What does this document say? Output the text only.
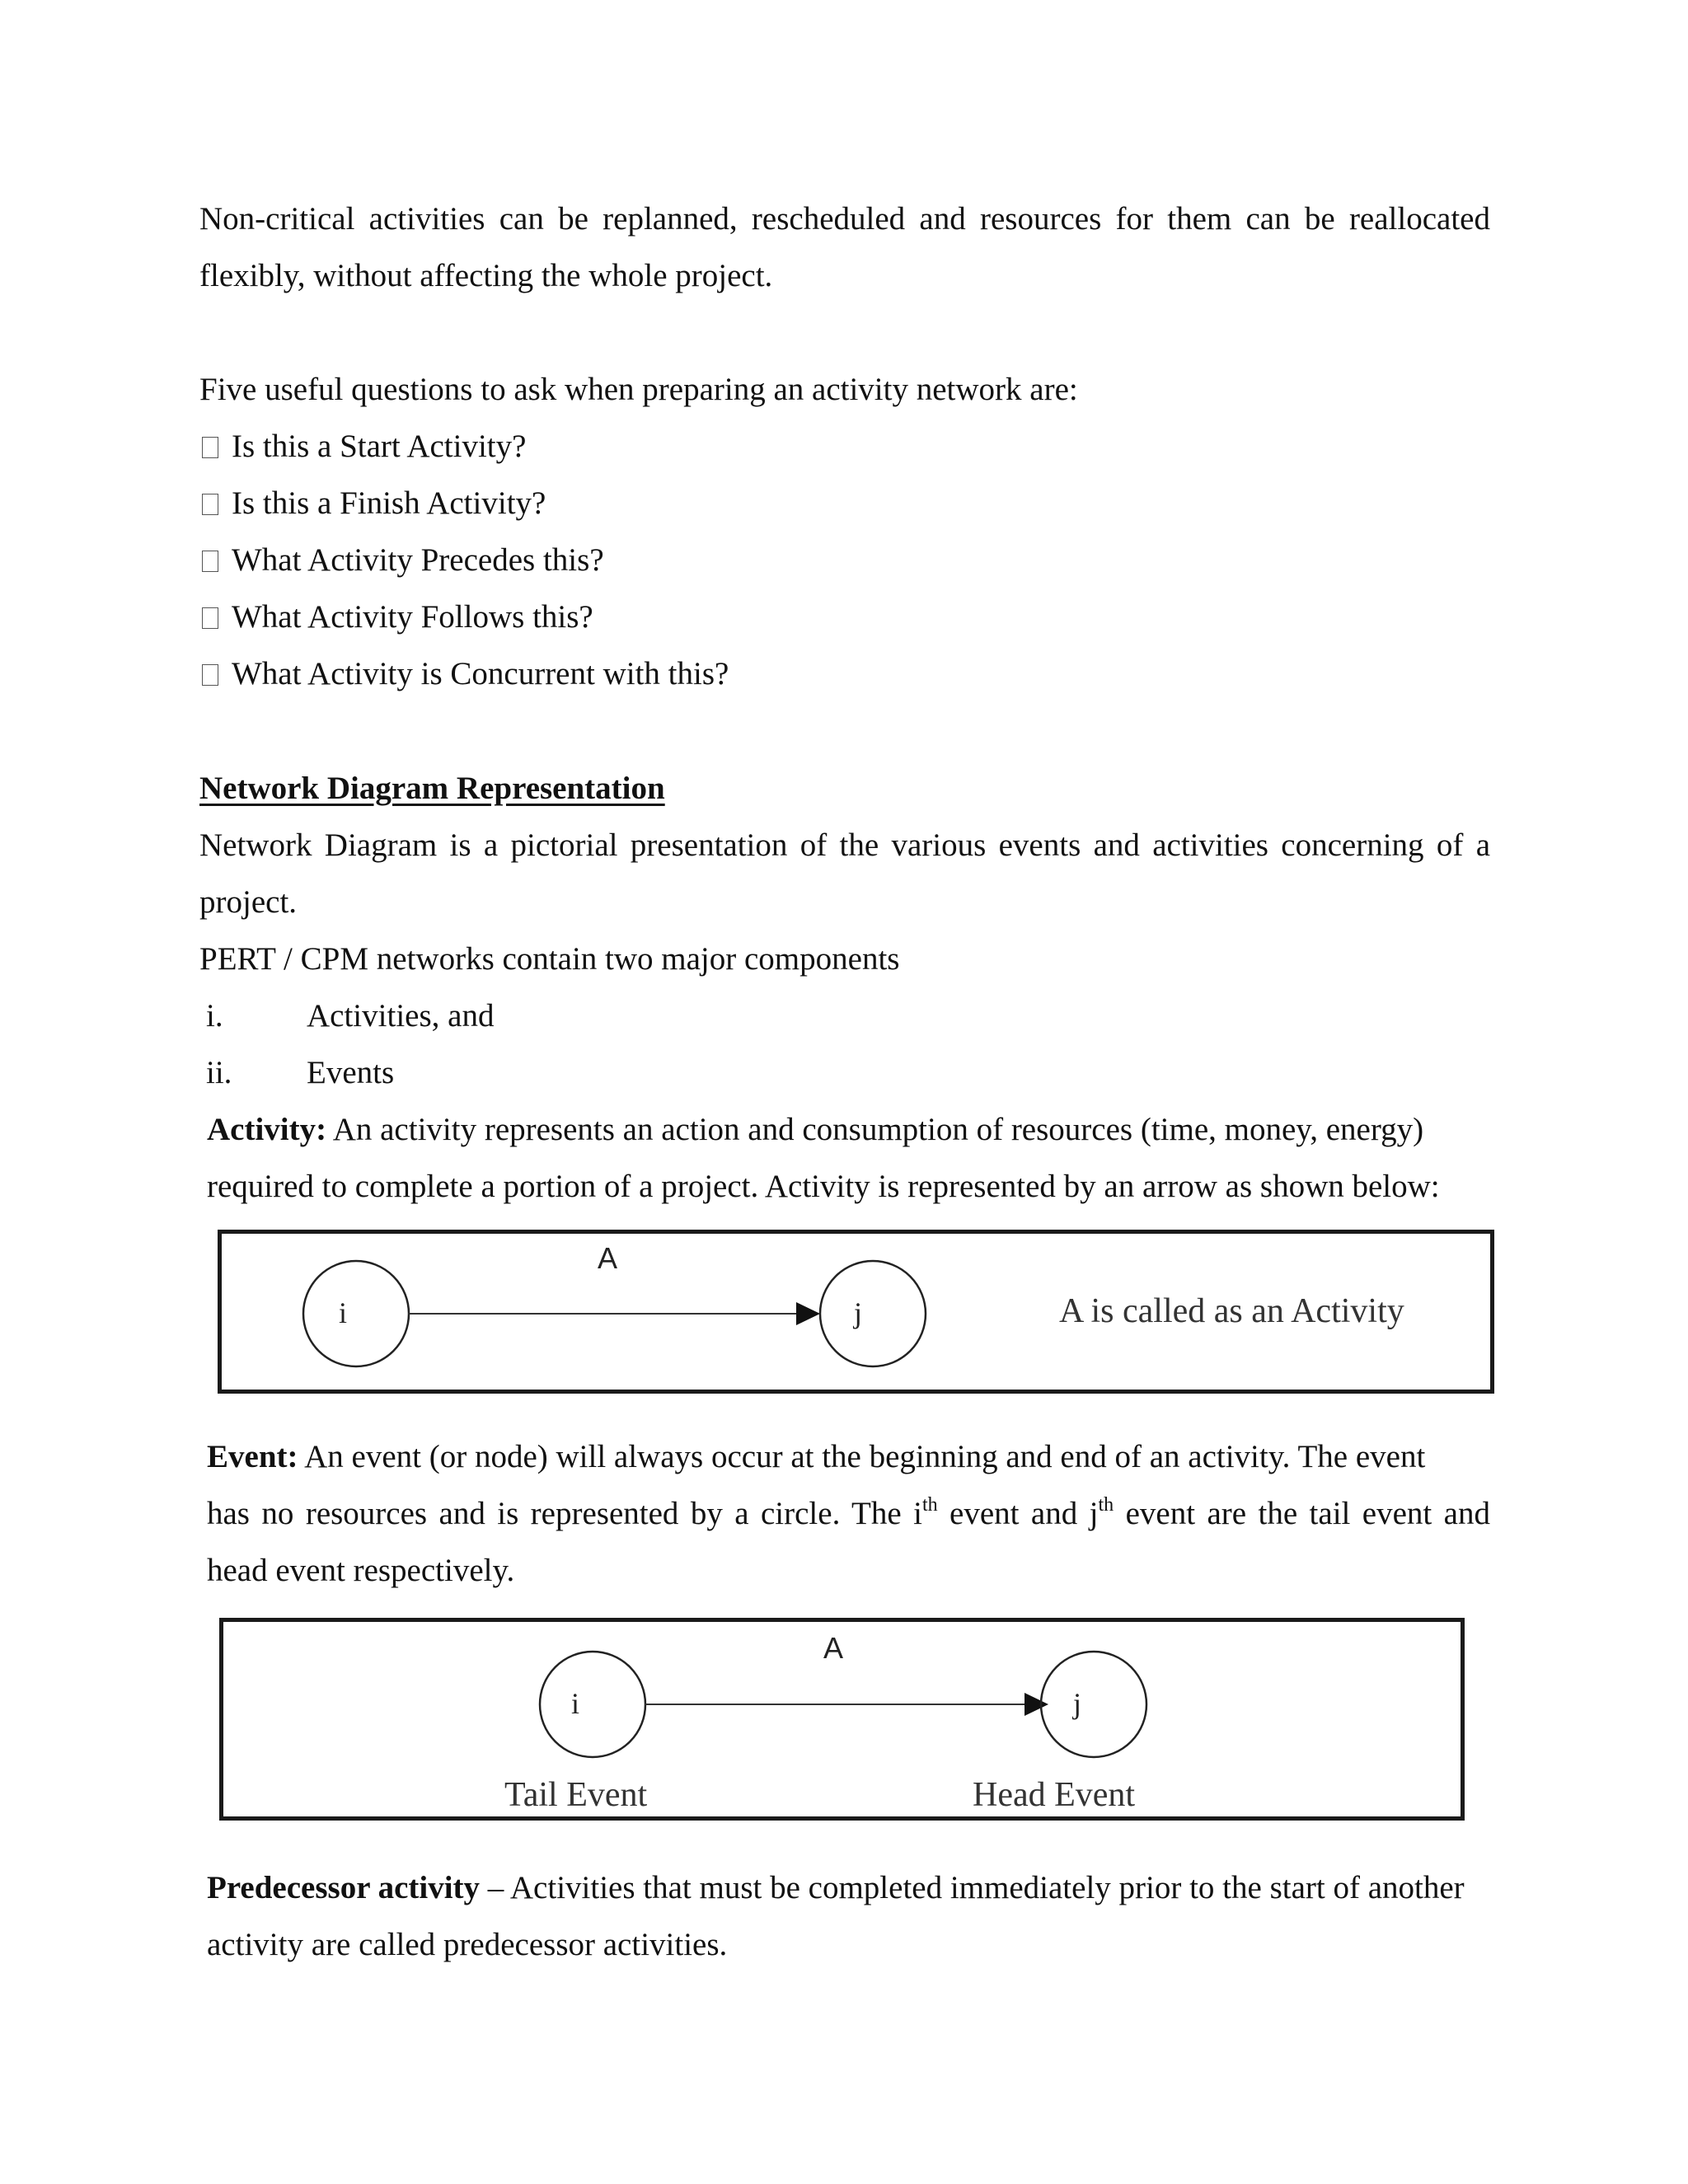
Non-critical activities can be replanned, rescheduled and resources for them can be reallocated
flexibly, without affecting the whole project.
Five useful questions to ask when preparing an activity network are:
Is this a Start Activity?
Is this a Finish Activity?
What Activity Precedes this?
What Activity Follows this?
What Activity is Concurrent with this?
Network Diagram Representation
Network Diagram is a pictorial presentation of the various events and activities concerning of a
project.
PERT / CPM networks contain two major components
i.	Activities, and
ii. Events
Activity: An activity represents an action and consumption of resources (time, money, energy)
required to complete a portion of a project. Activity is represented by an arrow as shown below:
i	j
A
A is called as an Activity
Event: An event (or node) will always occur at the beginning and end of an activity. The event
has no resources and is represented by a circle. The $i^{th}$ event and $j^{th}$ event are the tail event and
head event respectively.
i	j
A
Tail Event	Head Event
Predecessor activity – Activities that must be completed immediately prior to the start of another
activity are called predecessor activities.
